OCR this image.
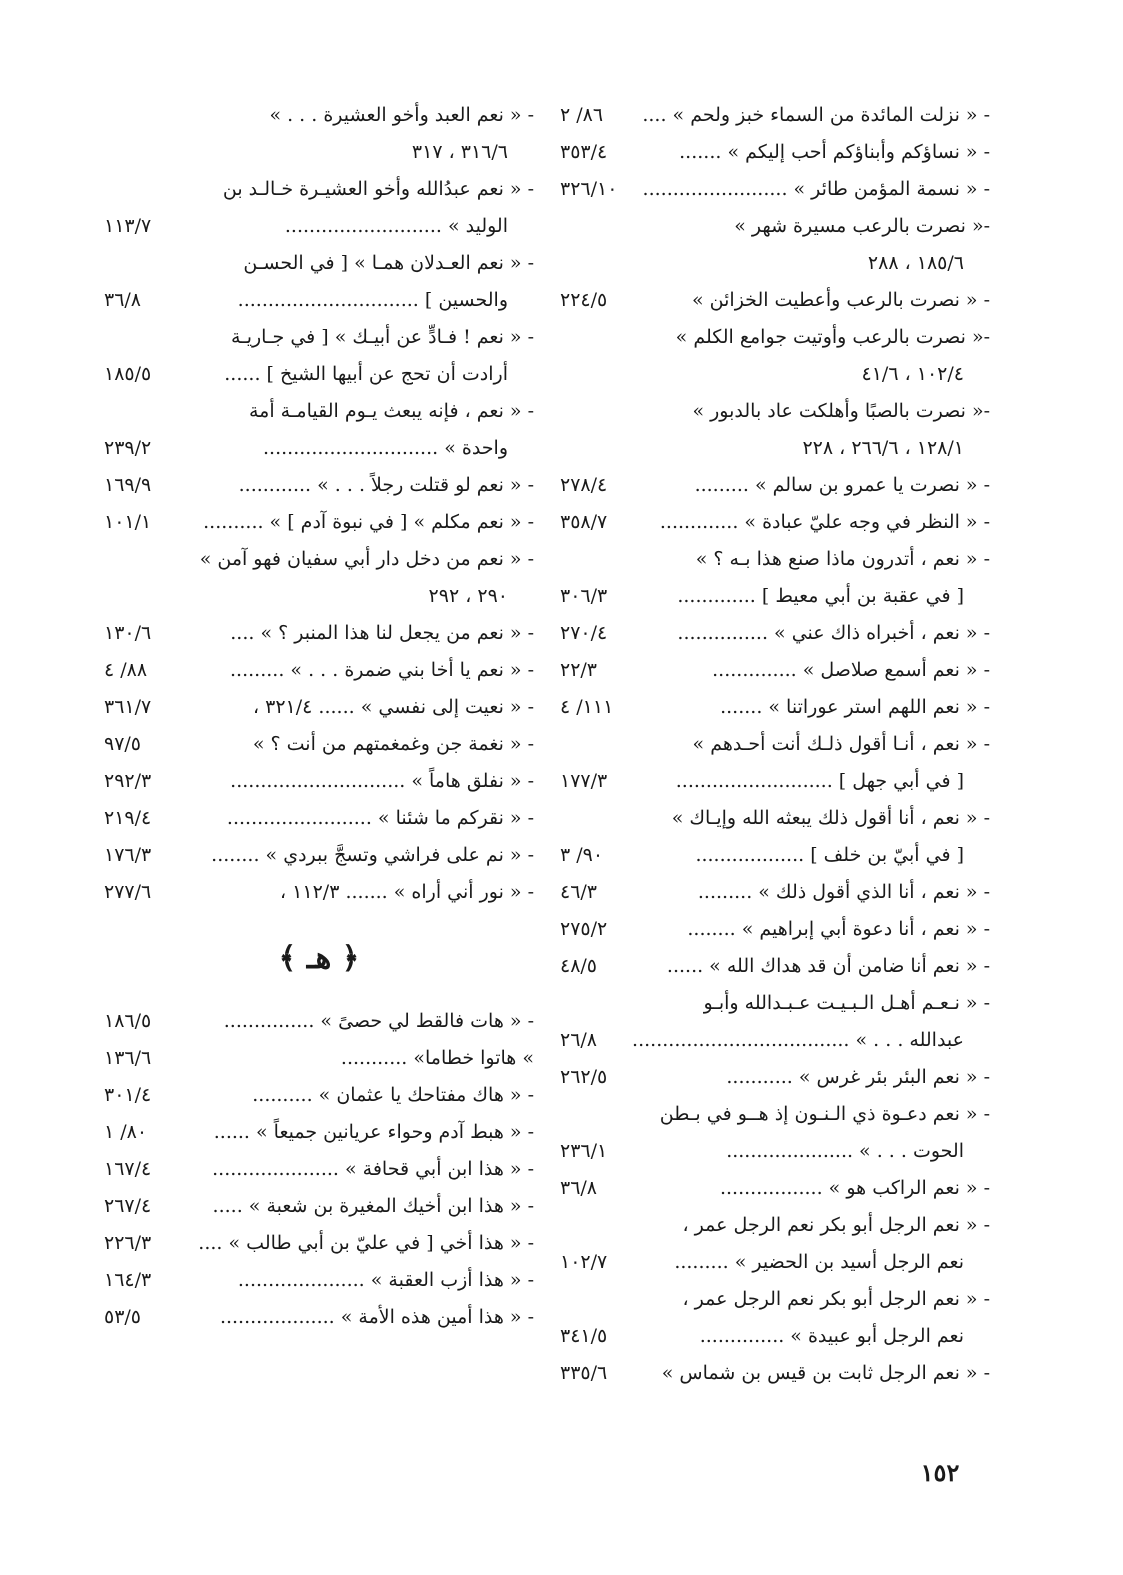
- « نزلت المائدة من السماء خبز ولحم » ....
٨٦/ ٢
- « نساؤكم وأبناؤكم أحب إليكم » .......
٣٥٣/٤
- « نسمة المؤمن طائر » ........................
٣٢٦/١٠
-« نصرت بالرعب مسيرة شهر »
١٨٥/٦ ، ٢٨٨
- « نصرت بالرعب وأعطيت الخزائن »
٢٢٤/٥
-« نصرت بالرعب وأوتيت جوامع الكلم »
١٠٢/٤ ، ٤١/٦
-« نصرت بالصبًا وأهلكت عاد بالدبور »
١٢٨/١ ، ٢٦٦/٦ ، ٢٢٨
- « نصرت يا عمرو بن سالم » .........
٢٧٨/٤
- « النظر في وجه عليّ عبادة » .............
٣٥٨/٧
- « نعم ، أتدرون ماذا صنع هذا بـه ؟ »
[ في عقبة بن أبي معيط ] .............
٣٠٦/٣
- « نعم ، أخبراه ذاك عني » ...............
٢٧٠/٤
- « نعم أسمع صلاصل » ..............
٢٢/٣
- « نعم اللهم استر عوراتنا » .......
١١١/ ٤
- « نعم ، أنـا أقول ذلـك أنت أحـدهم »
[ في أبي جهل ] ..........................
١٧٧/٣
- « نعم ، أنا أقول ذلك يبعثه الله وإيـاك »
[ في أبيّ بن خلف ] ..................
٩٠/ ٣
- « نعم ، أنا الذي أقول ذلك » .........
٤٦/٣
- « نعم ، أنا دعوة أبي إبراهيم » ........
٢٧٥/٢
- « نعم أنا ضامن أن قد هداك الله » ......
٤٨/٥
- « نـعـم أهـل الـبـيـت عـبـدالله وأبـو
عبدالله . . . » ....................................
٢٦/٨
- « نعم البئر بئر غرس » ...........
٢٦٢/٥
- « نعم دعـوة ذي الـنـون إذ هــو في بـطن
الحوت . . . » .....................
٢٣٦/١
- « نعم الراكب هو » .................
٣٦/٨
- « نعم الرجل أبو بكر نعم الرجل عمر ،
نعم الرجل أسيد بن الحضير » .........
١٠٢/٧
- « نعم الرجل أبو بكر نعم الرجل عمر ،
نعم الرجل أبو عبيدة » ..............
٣٤١/٥
- « نعم الرجل ثابت بن قيس بن شماس »
٣٣٥/٦
- « نعم العبد وأخو العشيرة . . . »
٣١٦/٦ ، ٣١٧
- « نعم عبدُالله وأخو العشيـرة خـالـد بن
الوليد » ..........................
١١٣/٧
- « نعم العـدلان همـا » [ في الحسـن
والحسين ] ..............................
٣٦/٨
- « نعم ! فـادٍّ عن أبيـك » [ في جـاريـة
أرادت أن تحج عن أبيها الشيخ ] ......
١٨٥/٥
- « نعم ، فإنه يبعث يـوم القيامـة أمة
واحدة » .............................
٢٣٩/٢
- « نعم لو قتلت رجلاً . . . » ............
١٦٩/٩
- « نعم مكلم » [ في نبوة آدم ] » ..........
١٠١/١
- « نعم من دخل دار أبي سفيان فهو آمن »
٢٩٠ ، ٢٩٢
- « نعم من يجعل لنا هذا المنبر ؟ » ....
١٣٠/٦
- « نعم يا أخا بني ضمرة . . . » .........
٨٨/ ٤
- « نعيت إلى نفسي » ...... ٣٢١/٤ ،
٣٦١/٧
- « نغمة جن وغمغمتهم من أنت ؟ »
٩٧/٥
- « نفلق هاماً » .............................
٢٩٢/٣
- « نقركم ما شئنا » ........................
٢١٩/٤
- « نم على فراشي وتسجَّ ببردي » ........
١٧٦/٣
- « نور أني أراه » ....... ١١٢/٣ ،
٢٧٧/٦
﴿ هـ ﴾
- « هات فالقط لي حصىً » ...............
١٨٦/٥
» هاتوا خطاما» ...........
١٣٦/٦
- « هاك مفتاحك يا عثمان » ..........
٣٠١/٤
- « هبط آدم وحواء عريانين جميعاً » ......
٨٠/ ١
- « هذا ابن أبي قحافة » .....................
١٦٧/٤
- « هذا ابن أخيك المغيرة بن شعبة » .....
٢٦٧/٤
- « هذا أخي [ في عليّ بن أبي طالب » ....
٢٢٦/٣
- « هذا أزب العقبة » .....................
١٦٤/٣
- « هذا أمين هذه الأمة » ...................
٥٣/٥
١٥٢
